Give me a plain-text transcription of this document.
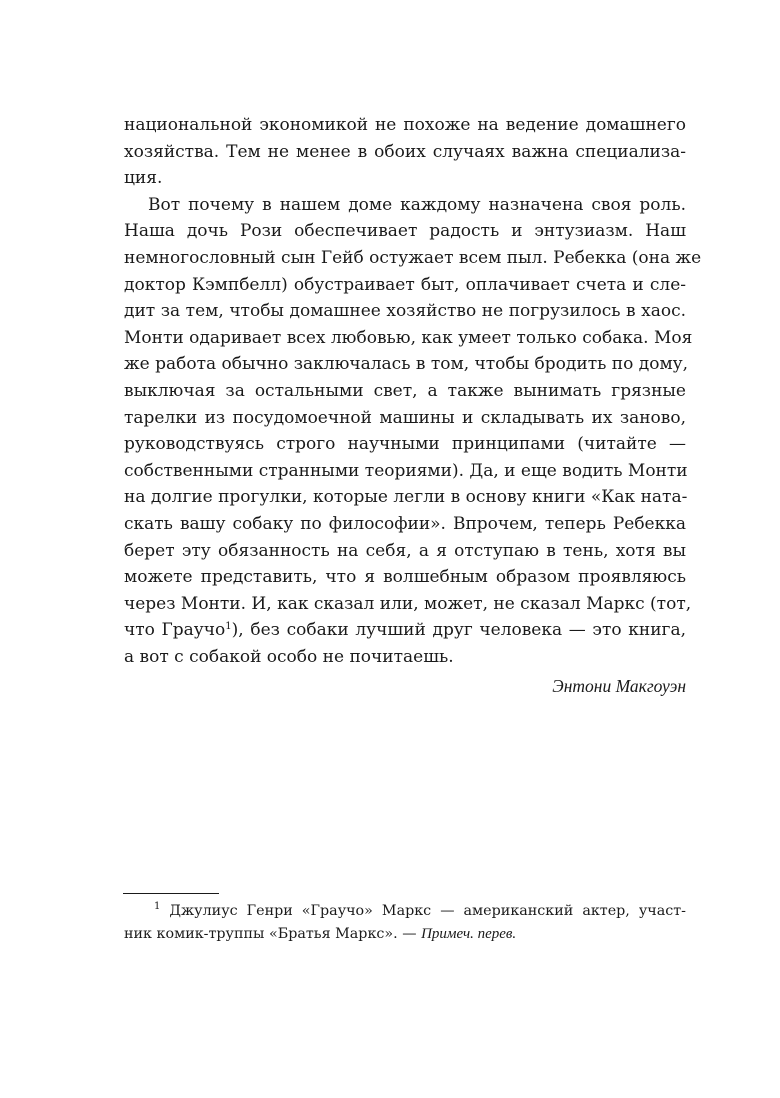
национальной экономикой не похоже на ведение домашнего
хозяйства. Тем не менее в обоих случаях важна специализа-
ция.
Вот почему в нашем доме каждому назначена своя роль.
Наша дочь Рози обеспечивает радость и энтузиазм. Наш
немногословный сын Гейб остужает всем пыл. Ребекка (она же
доктор Кэмпбелл) обустраивает быт, оплачивает счета и сле-
дит за тем, чтобы домашнее хозяйство не погрузилось в хаос.
Монти одаривает всех любовью, как умеет только собака. Моя
же работа обычно заключалась в том, чтобы бродить по дому,
выключая за остальными свет, а также вынимать грязные
тарелки из посудомоечной машины и складывать их заново,
руководствуясь строго научными принципами (читайте —
собственными странными теориями). Да, и еще водить Монти
на долгие прогулки, которые легли в основу книги «Как ната-
скать вашу собаку по философии». Впрочем, теперь Ребекка
берет эту обязанность на себя, а я отступаю в тень, хотя вы
можете представить, что я волшебным образом проявляюсь
через Монти. И, как сказал или, может, не сказал Маркс (тот,
что Граучо$^1$), без собаки лучший друг человека — это книга,
а вот с собакой особо не почитаешь.
Энтони Макгоуэн
$^1$ Джулиус Генри «Граучо» Маркс — американский актер, участ-
ник комик-труппы «Братья Маркс». — Примеч. перев.
